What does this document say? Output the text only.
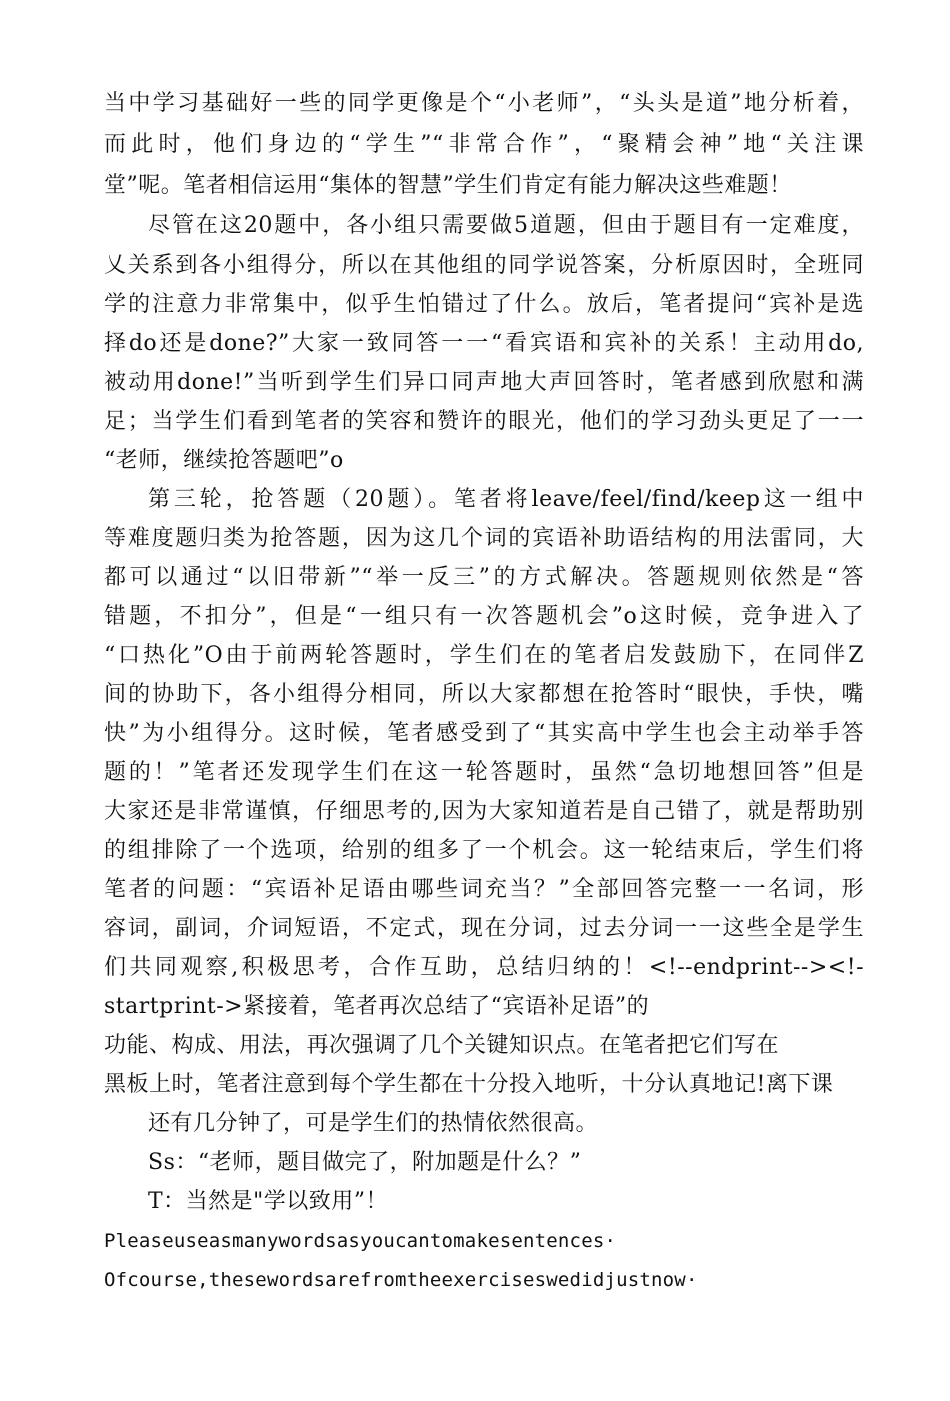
当中学习基础好一些的同学更像是个“小老师”，“头头是道”地分析着，
而此时，他们身边的“学生”“非常合作”，“聚精会神”地“关注课
堂”呢。笔者相信运用“集体的智慧”学生们肯定有能力解决这些难题！
尽管在这20题中，各小组只需要做5道题，但由于题目有一定难度，
乂关系到各小组得分，所以在其他组的同学说答案，分析原因时，全班同
学的注意力非常集中，似乎生怕错过了什么。放后，笔者提问“宾补是选
择do还是done?”大家一致同答一一“看宾语和宾补的关系！主动用do,
被动用done!”当听到学生们异口同声地大声回答时，笔者感到欣慰和满
足；当学生们看到笔者的笑容和赞许的眼光，他们的学习劲头更足了一一
“老师，继续抢答题吧”o
第三轮，抢答题（20题）。笔者将leave/feel/find/keep这一组中
等难度题归类为抢答题，因为这几个词的宾语补助语结构的用法雷同，大
都可以通过“以旧带新”“举一反三”的方式解决。答题规则依然是“答
错题，不扣分”，但是“一组只有一次答题机会”o这时候，竞争进入了
“口热化”O由于前两轮答题时，学生们在的笔者启发鼓励下，在同伴Z
间的协助下，各小组得分相同，所以大家都想在抢答时“眼快，手快，嘴
快”为小组得分。这时候，笔者感受到了“其实高中学生也会主动举手答
题的！”笔者还发现学生们在这一轮答题时，虽然“急切地想回答”但是
大家还是非常谨慎，仔细思考的,因为大家知道若是自己错了，就是帮助别
的组排除了一个选项，给别的组多了一个机会。这一轮结束后，学生们将
笔者的问题：“宾语补足语由哪些词充当？”全部回答完整一一名词，形
容词，副词，介词短语，不定式，现在分词，过去分词一一这些全是学生
们共同观察,积极思考，合作互助，总结归纳的！<!--endprint--><!-
startprint->紧接着，笔者再次总结了“宾语补足语”的
功能、构成、用法，再次强调了几个关键知识点。在笔者把它们写在
黑板上时，笔者注意到每个学生都在十分投入地听，十分认真地记!离下课
还有几分钟了，可是学生们的热情依然很高。
Ss：“老师，题目做完了，附加题是什么？”
T：当然是"学以致用”！
Pleaseuseasmanywordsasyoucantomakesentences·
Ofcourse,thesewordsarefromtheexerciseswedidjustnow·
